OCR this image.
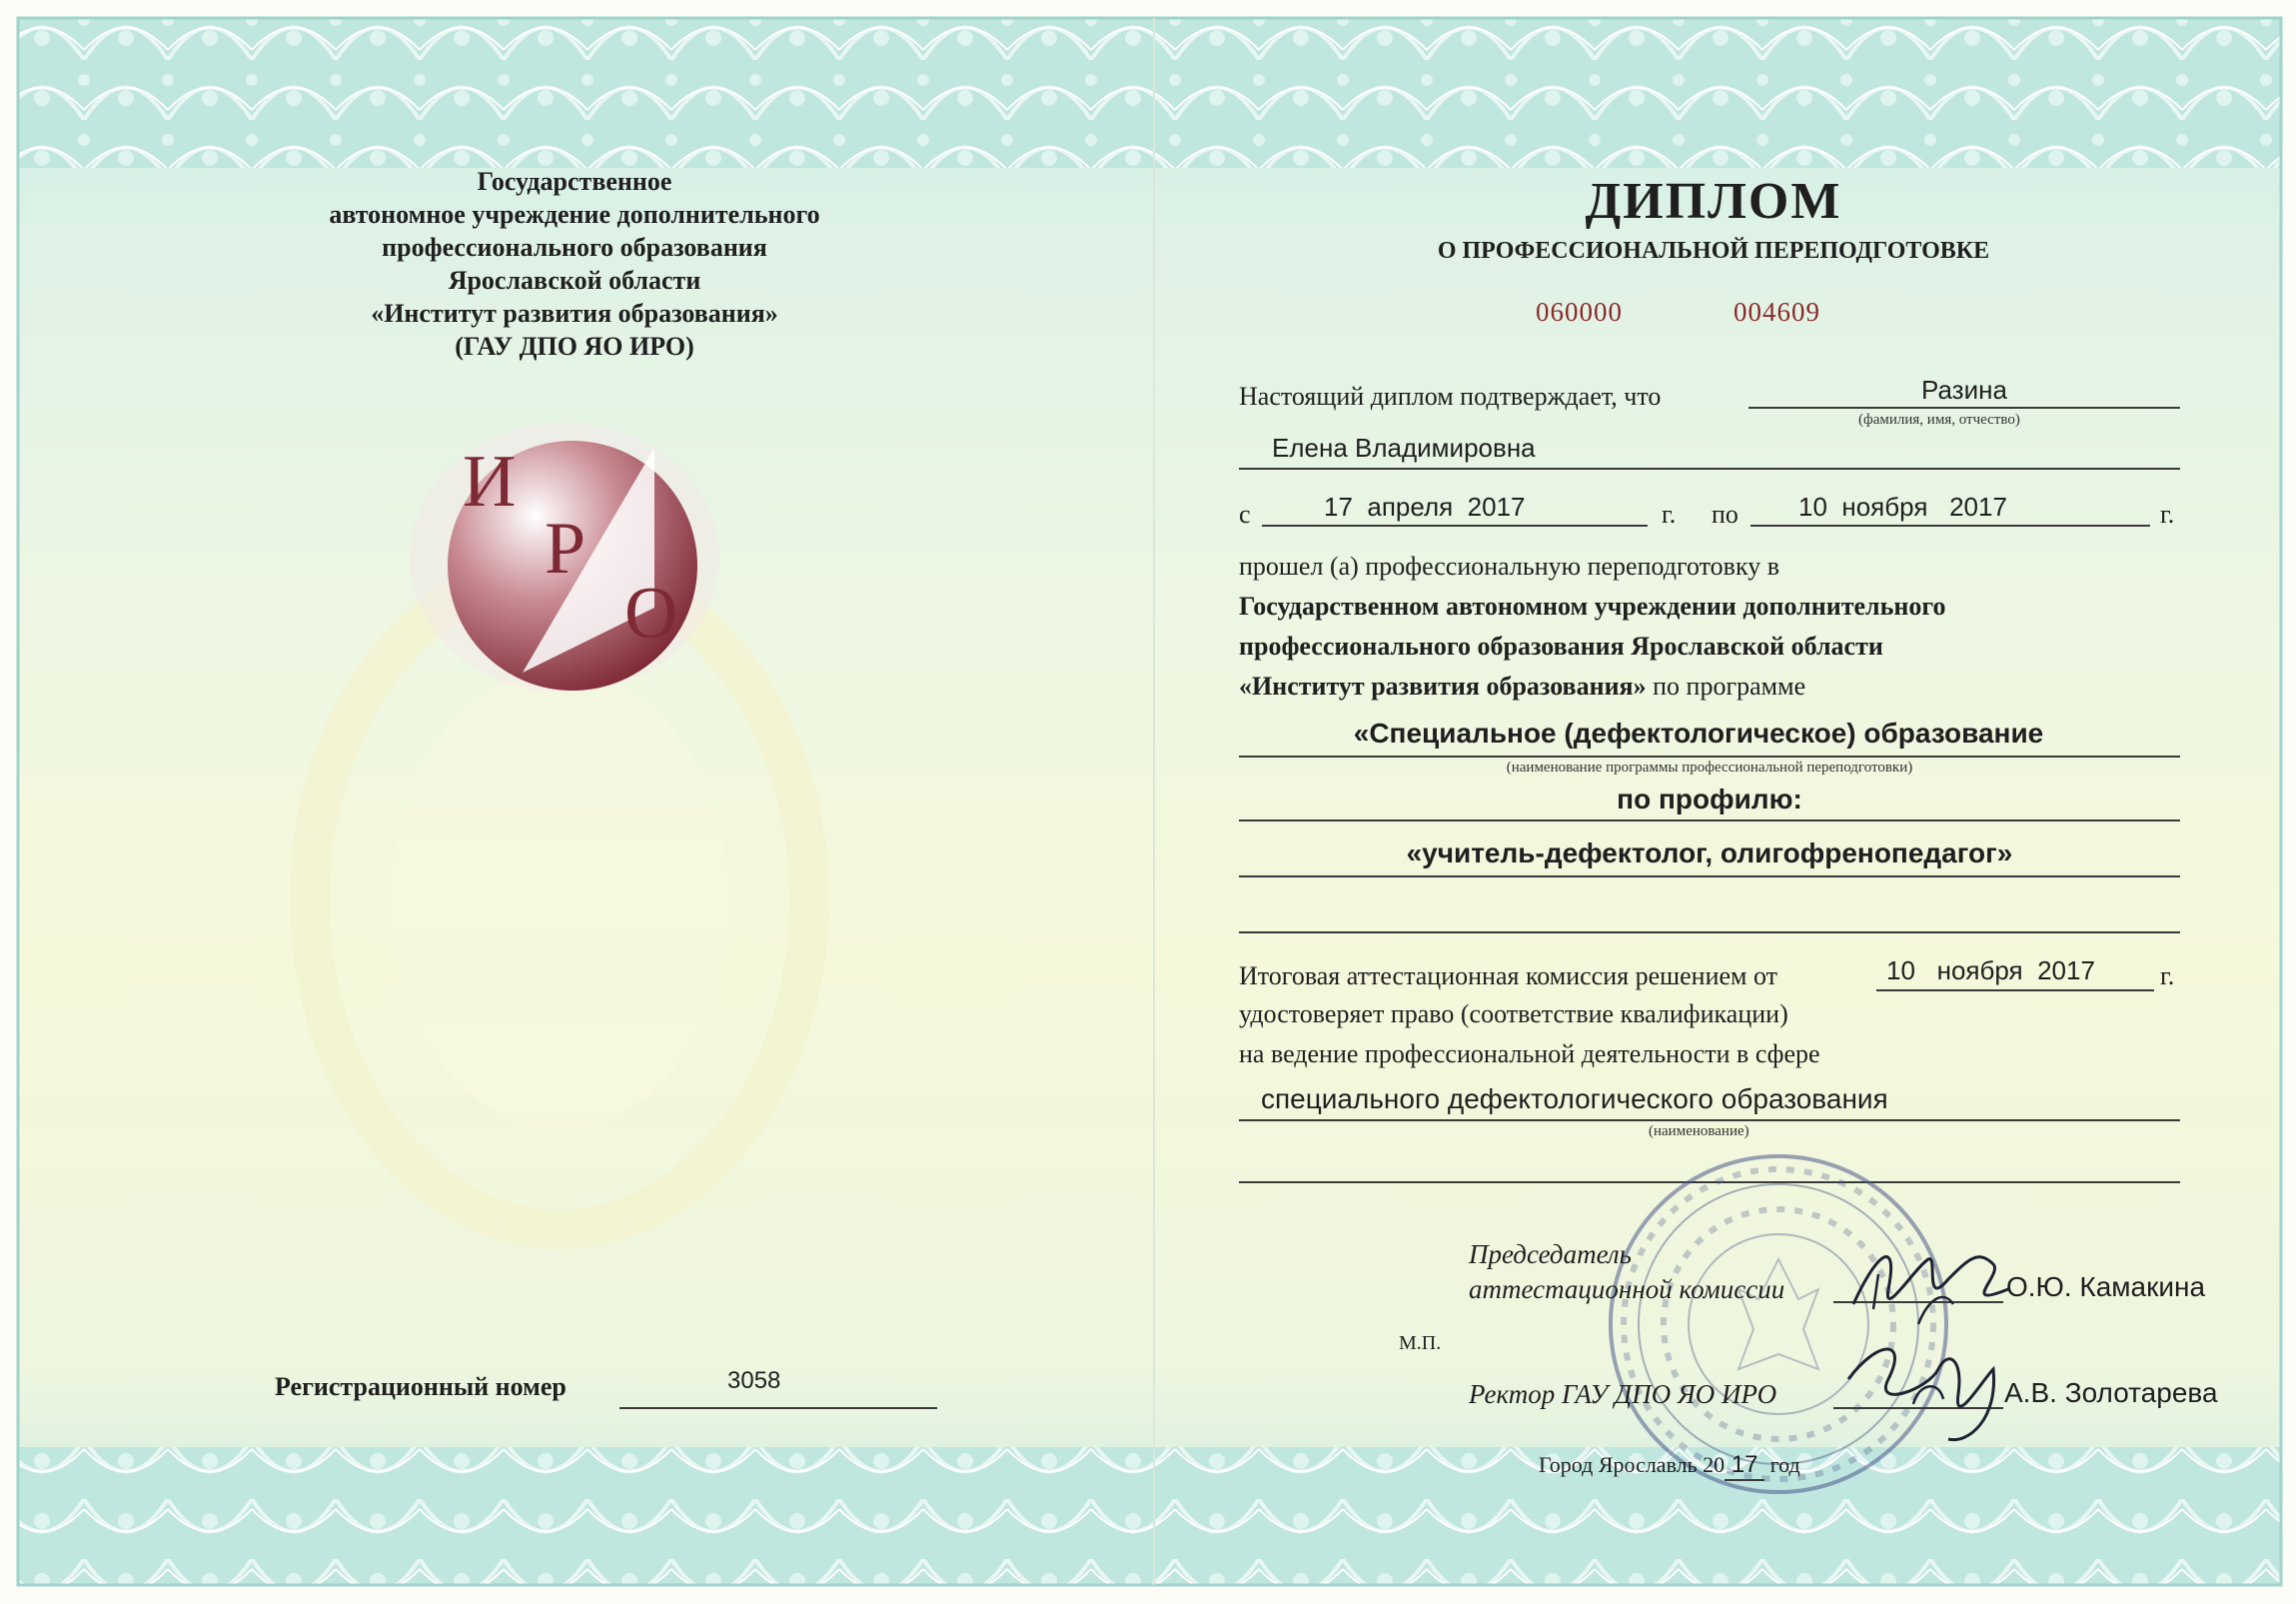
Государственное
автономное учреждение дополнительного
профессионального образования
Ярославской области
«Институт развития образования»
(ГАУ ДПО ЯО ИРО)
И
Р
О
Регистрационный номер	3058
ДИПЛОМ
О ПРОФЕССИОНАЛЬНОЙ ПЕРЕПОДГОТОВКЕ
060000	004609
Настоящий диплом подтверждает, что	Разина
(фамилия, имя, отчество)
Елена Владимировна
с	17  апреля  2017	г. по 10  ноября   2017	г.
прошел (а) профессиональную переподготовку в
Государственном автономном учреждении дополнительного
профессионального образования Ярославской области
«Институт развития образования» по программе
«Специальное (дефектологическое) образование
(наименование программы профессиональной переподготовки)
по профилю:
«учитель-дефектолог, олигофренопедагог»
Итоговая аттестационная комиссия решением от	10   ноября  2017	г.
удостоверяет право (соответствие квалификации)
на ведение профессиональной деятельности в сфере
специального дефектологического образования
(наименование)
Председатель
аттестационной комиссии	О.Ю. Камакина
М.П.
Ректор ГАУ ДПО ЯО ИРО	А.В. Золотарева
Город Ярославль 20 17 год
